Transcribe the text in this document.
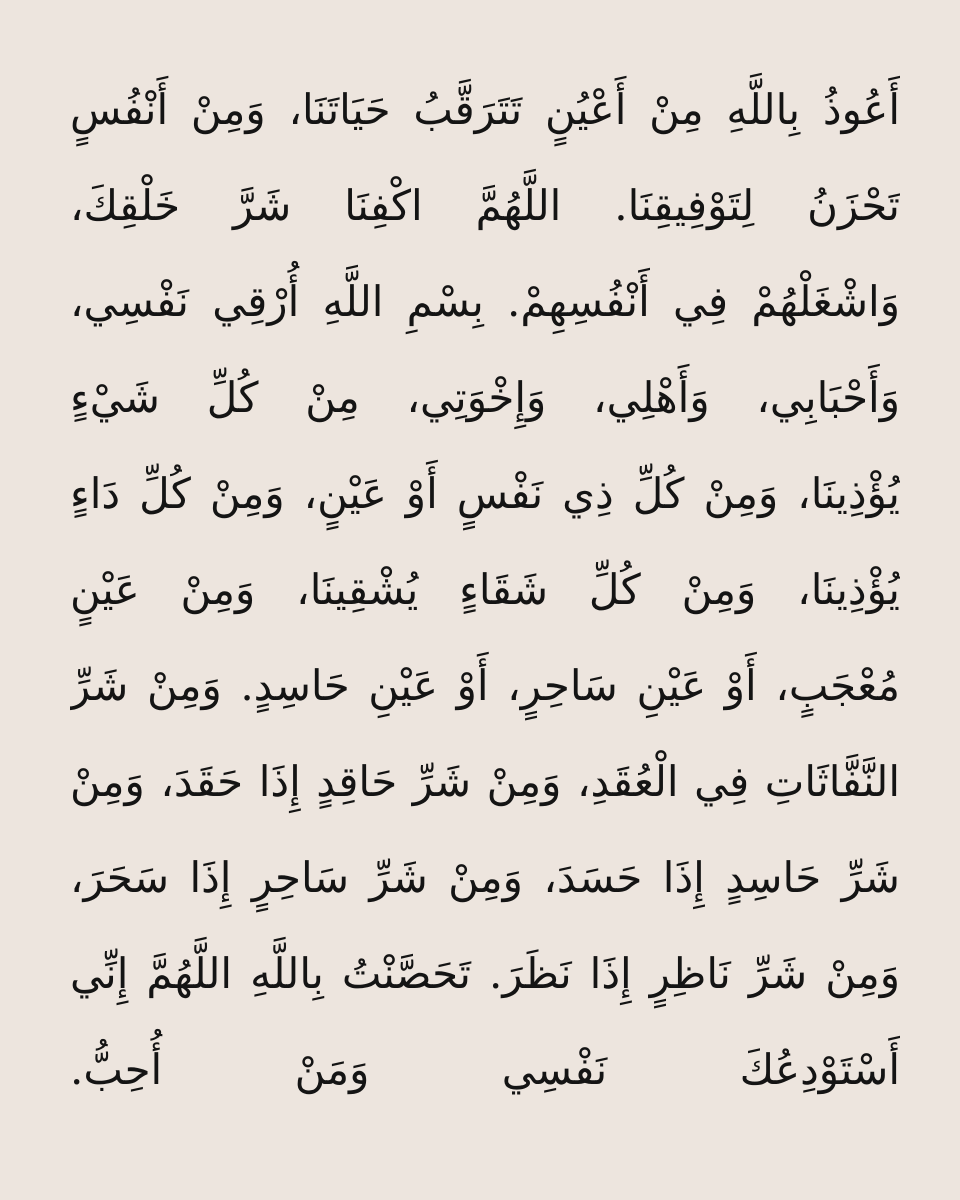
أَعُوذُ بِاللَّهِ مِنْ أَعْيُنٍ تَتَرَقَّبُ حَيَاتَنَا، وَمِنْ أَنْفُسٍ
تَحْزَنُ لِتَوْفِيقِنَا. اللَّهُمَّ اكْفِنَا شَرَّ خَلْقِكَ،
وَاشْغَلْهُمْ فِي أَنْفُسِهِمْ. بِسْمِ اللَّهِ أُرْقِي نَفْسِي،
وَأَحْبَابِي، وَأَهْلِي، وَإِخْوَتِي، مِنْ كُلِّ شَيْءٍ
يُؤْذِينَا، وَمِنْ كُلِّ ذِي نَفْسٍ أَوْ عَيْنٍ، وَمِنْ كُلِّ دَاءٍ
يُؤْذِينَا، وَمِنْ كُلِّ شَقَاءٍ يُشْقِينَا، وَمِنْ عَيْنٍ
مُعْجَبٍ، أَوْ عَيْنِ سَاحِرٍ، أَوْ عَيْنِ حَاسِدٍ. وَمِنْ شَرِّ
النَّفَّاثَاتِ فِي الْعُقَدِ، وَمِنْ شَرِّ حَاقِدٍ إِذَا حَقَدَ، وَمِنْ
شَرِّ حَاسِدٍ إِذَا حَسَدَ، وَمِنْ شَرِّ سَاحِرٍ إِذَا سَحَرَ،
وَمِنْ شَرِّ نَاظِرٍ إِذَا نَظَرَ. تَحَصَّنْتُ بِاللَّهِ اللَّهُمَّ إِنِّي
أَسْتَوْدِعُكَ نَفْسِي وَمَنْ أُحِبُّ.
